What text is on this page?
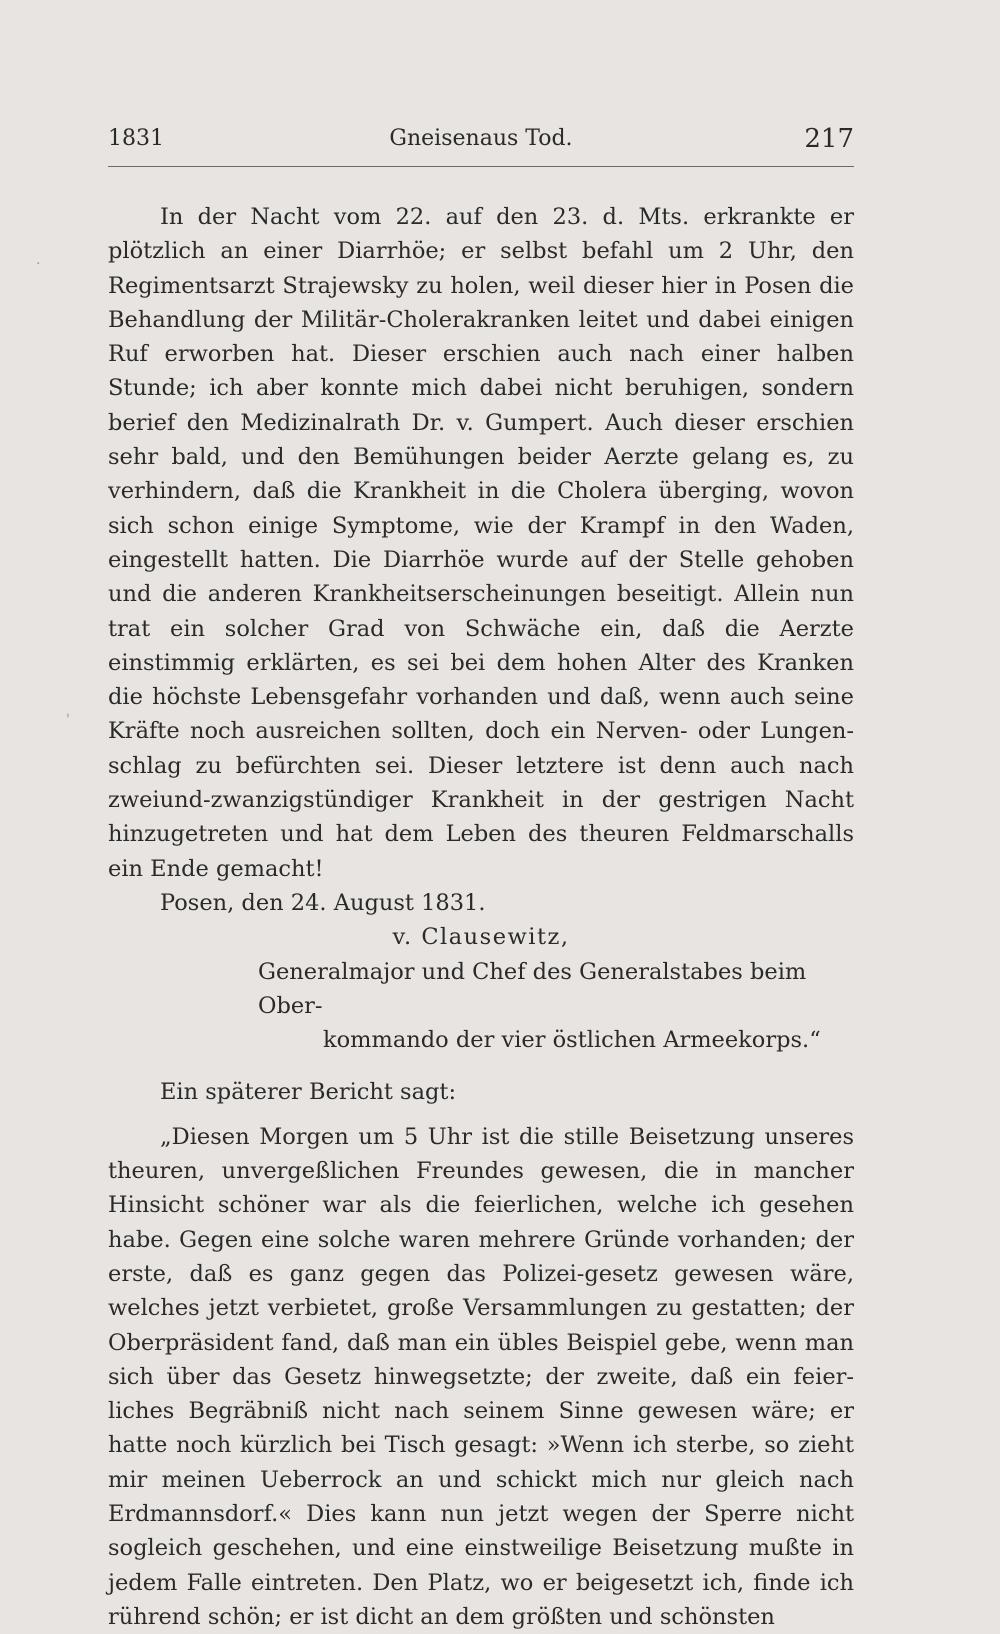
1831	Gneisenaus Tod.	217

In der Nacht vom 22. auf den 23. d. Mts. erkrankte er plötzlich an einer Diarrhöe; er selbst befahl um 2 Uhr, den Regimentsarzt Strajewsky zu holen, weil dieser hier in Posen die Behandlung der Militär-Cholerakranken leitet und dabei einigen Ruf erworben hat. Dieser erschien auch nach einer halben Stunde; ich aber konnte mich dabei nicht beruhigen, sondern berief den Medizinalrath Dr. v. Gumpert. Auch dieser erschien sehr bald, und den Bemühungen beider Aerzte gelang es, zu verhindern, daß die Krankheit in die Cholera überging, wovon sich schon einige Symptome, wie der Krampf in den Waden, eingestellt hatten. Die Diarrhöe wurde auf der Stelle gehoben und die anderen Krankheitserscheinungen beseitigt. Allein nun trat ein solcher Grad von Schwäche ein, daß die Aerzte einstimmig erklärten, es sei bei dem hohen Alter des Kranken die höchste Lebensgefahr vorhanden und daß, wenn auch seine Kräfte noch ausreichen sollten, doch ein Nerven- oder Lungen-schlag zu befürchten sei. Dieser letztere ist denn auch nach zweiund-zwanzigstündiger Krankheit in der gestrigen Nacht hinzugetreten und hat dem Leben des theuren Feldmarschalls ein Ende gemacht!

Posen, den 24. August 1831.

v. Clausewitz,

Generalmajor und Chef des Generalstabes beim Ober-

kommando der vier östlichen Armeekorps.“

Ein späterer Bericht sagt:

„Diesen Morgen um 5 Uhr ist die stille Beisetzung unseres theuren, unvergeßlichen Freundes gewesen, die in mancher Hinsicht schöner war als die feierlichen, welche ich gesehen habe. Gegen eine solche waren mehrere Gründe vorhanden; der erste, daß es ganz gegen das Polizei-gesetz gewesen wäre, welches jetzt verbietet, große Versammlungen zu gestatten; der Oberpräsident fand, daß man ein übles Beispiel gebe, wenn man sich über das Gesetz hinwegsetzte; der zweite, daß ein feier-liches Begräbniß nicht nach seinem Sinne gewesen wäre; er hatte noch kürzlich bei Tisch gesagt: »Wenn ich sterbe, so zieht mir meinen Ueberrock an und schickt mich nur gleich nach Erdmannsdorf.« Dies kann nun jetzt wegen der Sperre nicht sogleich geschehen, und eine einstweilige Beisetzung mußte in jedem Falle eintreten. Den Platz, wo er beigesetzt ich, finde ich rührend schön; er ist dicht an dem größten und schönsten

·
'
